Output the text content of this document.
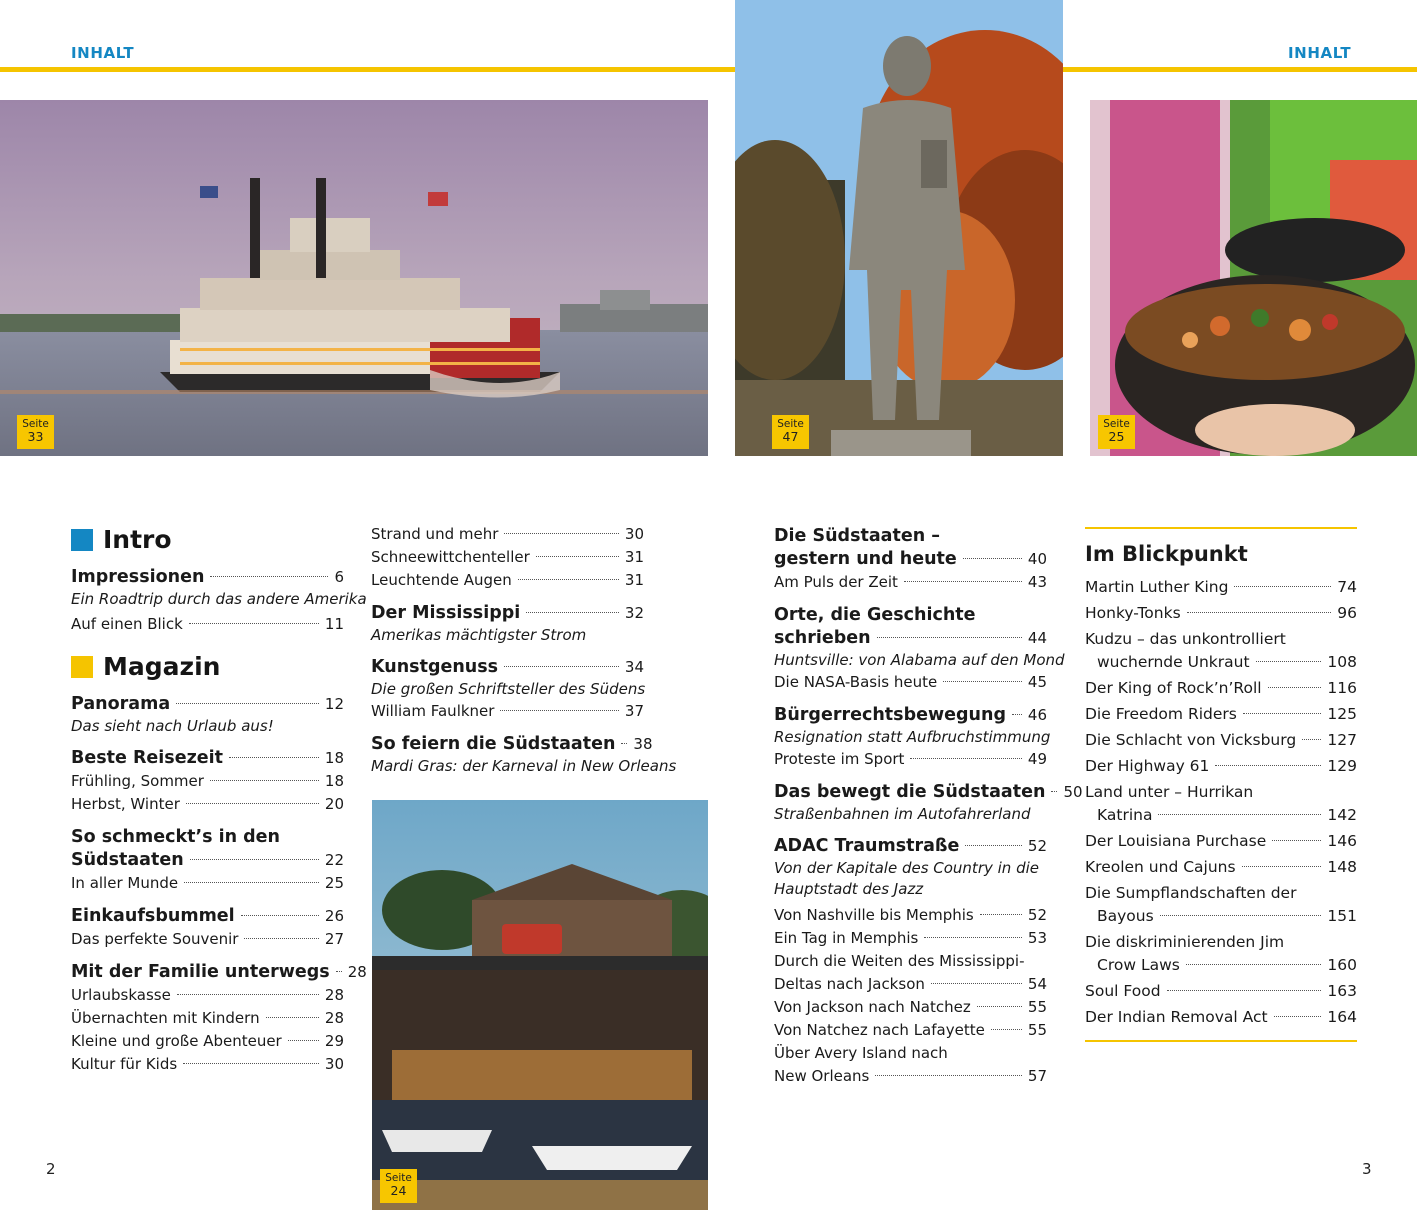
INHALT	INHALT
Seite
33
Seite
47
Seite
25
Seite
24
Intro
Impressionen	6
Ein Roadtrip durch das andere Amerika
Auf einen Blick	11
Magazin
Panorama	12
Das sieht nach Urlaub aus!
Beste Reisezeit	18
Frühling, Sommer	18
Herbst, Winter	20
So schmeckt’s in den
Südstaaten	22
In aller Munde	25
Einkaufsbummel	26
Das perfekte Souvenir	27
Mit der Familie unterwegs 28
Urlaubskasse	28
Übernachten mit Kindern	28
Kleine und große Abenteuer	29
Kultur für Kids	30
Strand und mehr	30
Schneewittchenteller	31
Leuchtende Augen	31
Der Mississippi	32
Amerikas mächtigster Strom
Kunstgenuss	34
Die großen Schriftsteller des Südens
William Faulkner	37
So feiern die Südstaaten 38
Mardi Gras: der Karneval in New Orleans
Die Südstaaten –
gestern und heute	40
Am Puls der Zeit	43
Orte, die Geschichte
schrieben	44
Huntsville: von Alabama auf den Mond
Die NASA-Basis heute	45
Bürgerrechtsbewegung 46
Resignation statt Aufbruchstimmung
Proteste im Sport	49
Das bewegt die Südstaaten 50
Straßenbahnen im Autofahrerland
ADAC Traumstraße	52
Von der Kapitale des Country in die
Hauptstadt des Jazz
Von Nashville bis Memphis	52
Ein Tag in Memphis	53
Durch die Weiten des Mississippi-
Deltas nach Jackson	54
Von Jackson nach Natchez	55
Von Natchez nach Lafayette	55
Über Avery Island nach
New Orleans	57
Im Blickpunkt
Martin Luther King	74
Honky-Tonks	96
Kudzu – das unkontrolliert
wuchernde Unkraut	108
Der King of Rock’n’Roll	116
Die Freedom Riders	125
Die Schlacht von Vicksburg 127
Der Highway 61	129
Land unter – Hurrikan
Katrina	142
Der Louisiana Purchase	146
Kreolen und Cajuns	148
Die Sumpflandschaften der
Bayous	151
Die diskriminierenden Jim
Crow Laws	160
Soul Food	163
Der Indian Removal Act	164
2	3
